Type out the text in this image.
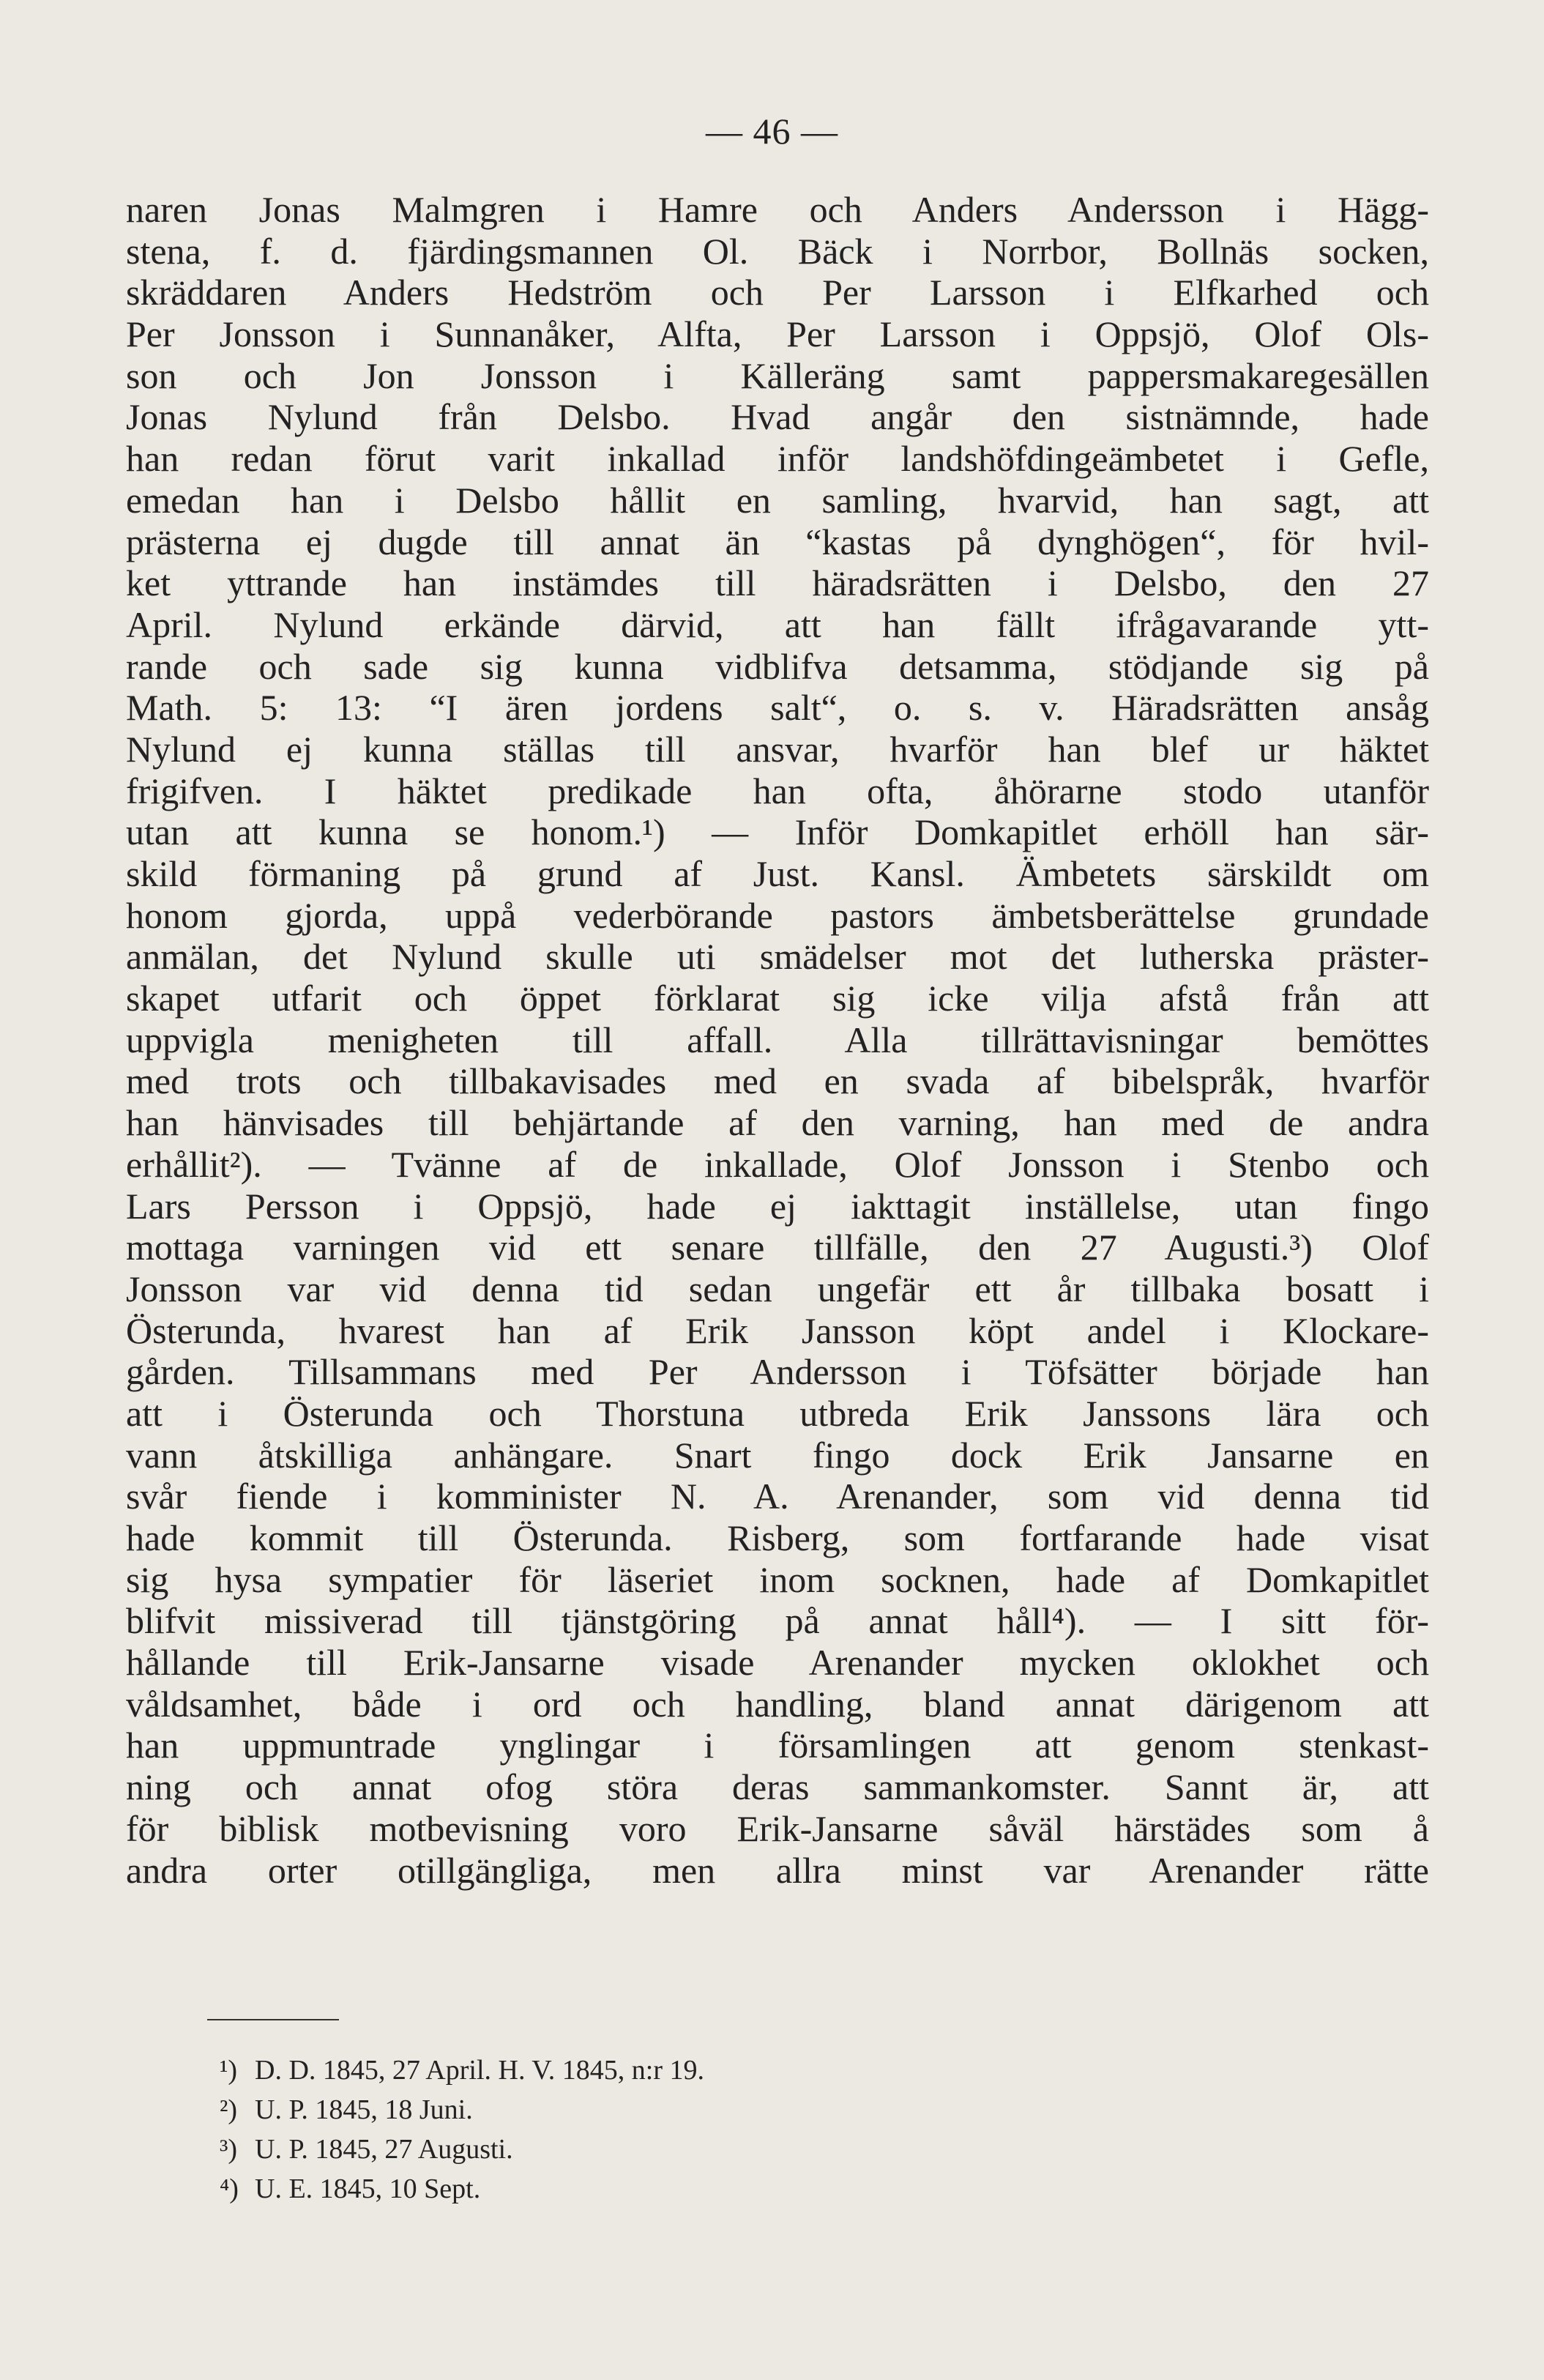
— 46 —
naren Jonas Malmgren i Hamre och Anders Andersson i Hägg-
stena, f. d. fjärdingsmannen Ol. Bäck i Norrbor, Bollnäs socken,
skräddaren Anders Hedström och Per Larsson i Elfkarhed och
Per Jonsson i Sunnanåker, Alfta, Per Larsson i Oppsjö, Olof Ols-
son och Jon Jonsson i Källeräng samt pappersmakaregesällen
Jonas Nylund från Delsbo. Hvad angår den sistnämnde, hade
han redan förut varit inkallad inför landshöfdingeämbetet i Gefle,
emedan han i Delsbo hållit en samling, hvarvid, han sagt, att
prästerna ej dugde till annat än “kastas på dynghögen“, för hvil-
ket yttrande han instämdes till häradsrätten i Delsbo, den 27
April. Nylund erkände därvid, att han fällt ifrågavarande ytt-
rande och sade sig kunna vidblifva detsamma, stödjande sig på
Math. 5: 13: “I ären jordens salt“, o. s. v. Häradsrätten ansåg
Nylund ej kunna ställas till ansvar, hvarför han blef ur häktet
frigifven. I häktet predikade han ofta, åhörarne stodo utanför
utan att kunna se honom.¹) — Inför Domkapitlet erhöll han sär-
skild förmaning på grund af Just. Kansl. Ämbetets särskildt om
honom gjorda, uppå vederbörande pastors ämbetsberättelse grundade
anmälan, det Nylund skulle uti smädelser mot det lutherska präster-
skapet utfarit och öppet förklarat sig icke vilja afstå från att
uppvigla menigheten till affall. Alla tillrättavisningar bemöttes
med trots och tillbakavisades med en svada af bibelspråk, hvarför
han hänvisades till behjärtande af den varning, han med de andra
erhållit²). — Tvänne af de inkallade, Olof Jonsson i Stenbo och
Lars Persson i Oppsjö, hade ej iakttagit inställelse, utan fingo
mottaga varningen vid ett senare tillfälle, den 27 Augusti.³) Olof
Jonsson var vid denna tid sedan ungefär ett år tillbaka bosatt i
Österunda, hvarest han af Erik Jansson köpt andel i Klockare-
gården. Tillsammans med Per Andersson i Töfsätter började han
att i Österunda och Thorstuna utbreda Erik Janssons lära och
vann åtskilliga anhängare. Snart fingo dock Erik Jansarne en
svår fiende i komminister N. A. Arenander, som vid denna tid
hade kommit till Österunda. Risberg, som fortfarande hade visat
sig hysa sympatier för läseriet inom socknen, hade af Domkapitlet
blifvit missiverad till tjänstgöring på annat håll⁴). — I sitt för-
hållande till Erik-Jansarne visade Arenander mycken oklokhet och
våldsamhet, både i ord och handling, bland annat därigenom att
han uppmuntrade ynglingar i församlingen att genom stenkast-
ning och annat ofog störa deras sammankomster. Sannt är, att
för biblisk motbevisning voro Erik-Jansarne såväl härstädes som å
andra orter otillgängliga, men allra minst var Arenander rätte
¹) D. D. 1845, 27 April. H. V. 1845, n:r 19.
²) U. P. 1845, 18 Juni.
³) U. P. 1845, 27 Augusti.
⁴) U. E. 1845, 10 Sept.
